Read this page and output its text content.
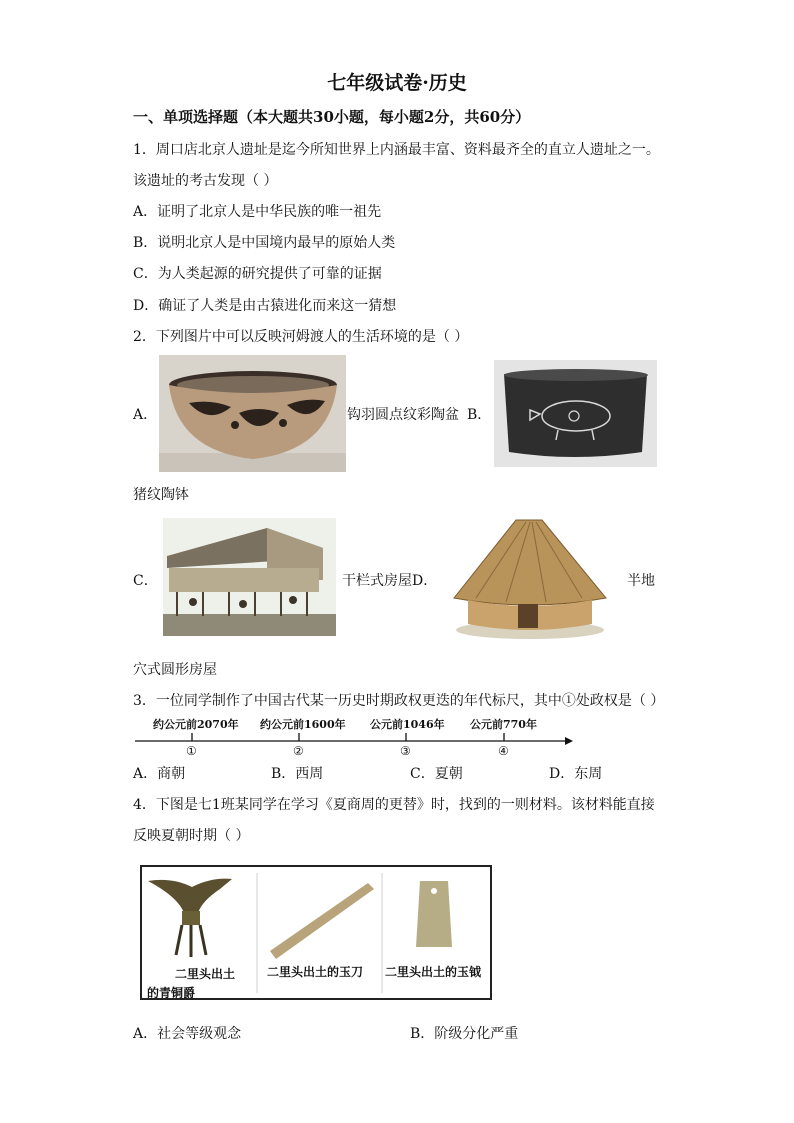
七年级试卷·历史
一、单项选择题（本大题共30小题，每小题2分，共60分）
1．周口店北京人遗址是迄今所知世界上内涵最丰富、资料最齐全的直立人遗址之一。
该遗址的考古发现（ ）
A．证明了北京人是中华民族的唯一祖先
B．说明北京人是中国境内最早的原始人类
C．为人类起源的研究提供了可靠的证据
D．确证了人类是由古猿进化而来这一猜想
2．下列图片中可以反映河姆渡人的生活环境的是（ ）
A．	钩羽圆点纹彩陶盆 B．
猪纹陶钵
C．	干栏式房屋D．	半地
穴式圆形房屋
3．一位同学制作了中国古代某一历史时期政权更迭的年代标尺，其中①处政权是（ ）
约公元前2070年 约公元前1600年 公元前1046年 公元前770年
①	②	③	④
A．商朝	B．西周	C．夏朝	D．东周
4．下图是七1班某同学在学习《夏商周的更替》时，找到的一则材料。该材料能直接
反映夏朝时期（ ）
二里头出土
的青铜爵
二里头出土的玉刀 二里头出土的玉钺
A．社会等级观念	B．阶级分化严重
